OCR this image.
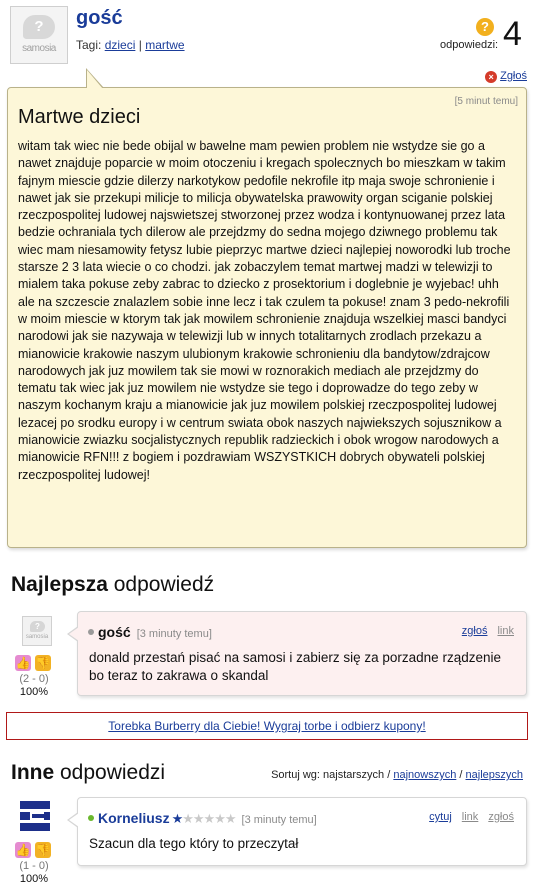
?
samosia
gość
Tagi: dzieci | martwe
?
odpowiedzi: 4
× Zgłoś
[5 minut temu]
Martwe dzieci
witam tak wiec nie bede obijal w bawelne mam pewien problem nie wstydze sie go a nawet znajduje poparcie w moim otoczeniu i kregach spolecznych bo mieszkam w takim fajnym miescie gdzie dilerzy narkotykow pedofile nekrofile itp maja swoje schronienie i nawet jak sie przekupi milicje to milicja obywatelska prawowity organ sciganie polskiej rzeczpospolitej ludowej najswietszej stworzonej przez wodza i kontynuowanej przez lata bedzie ochraniala tych dilerow ale przejdzmy do sedna mojego dziwnego problemu tak wiec mam niesamowity fetysz lubie pieprzyc martwe dzieci najlepiej noworodki lub troche starsze 2 3 lata wiecie o co chodzi. jak zobaczylem temat martwej madzi w telewizji to mialem taka pokuse zeby zabrac to dziecko z prosektorium i doglebnie je wyjebac! uhh ale na szczescie znalazlem sobie inne lecz i tak czulem ta pokuse! znam 3 pedo-nekrofili w moim miescie w ktorym tak jak mowilem schronienie znajduja wszelkiej masci bandyci narodowi jak sie nazywaja w telewizji lub w innych totalitarnych zrodlach przekazu a mianowicie krakowie naszym ulubionym krakowie schronieniu dla bandytow/zdrajcow narodowych jak juz mowilem tak sie mowi w roznorakich mediach ale przejdzmy do tematu tak wiec jak juz mowilem nie wstydze sie tego i doprowadze do tego zeby w naszym kochanym kraju a mianowicie jak juz mowilem polskiej rzeczpospolitej ludowej lezacej po srodku europy i w centrum swiata obok naszych najwiekszych sojusznikow a mianowicie zwiazku socjalistycznych republik radzieckich i obok wrogow narodowych a mianowicie RFN!!! z bogiem i pozdrawiam WSZYSTKICH dobrych obywateli polskiej rzeczpospolitej ludowej!
Najlepsza odpowiedź
?
samosia
👍 👎
(2 - 0)
100%
gość [3 minuty temu]	zgłoś link
donald przestań pisać na samosi i zabierz się za porzadne rządzenie bo teraz to zakrawa o skandal
Torebka Burberry dla Ciebie! Wygraj torbe i odbierz kupony!
Inne odpowiedzi	Sortuj wg: najstarszych / najnowszych / najlepszych
👍 👎
(1 - 0)
100%
Korneliusz ★★★★★★ [3 minuty temu]	cytuj link zgłoś
Szacun dla tego który to przeczytał
